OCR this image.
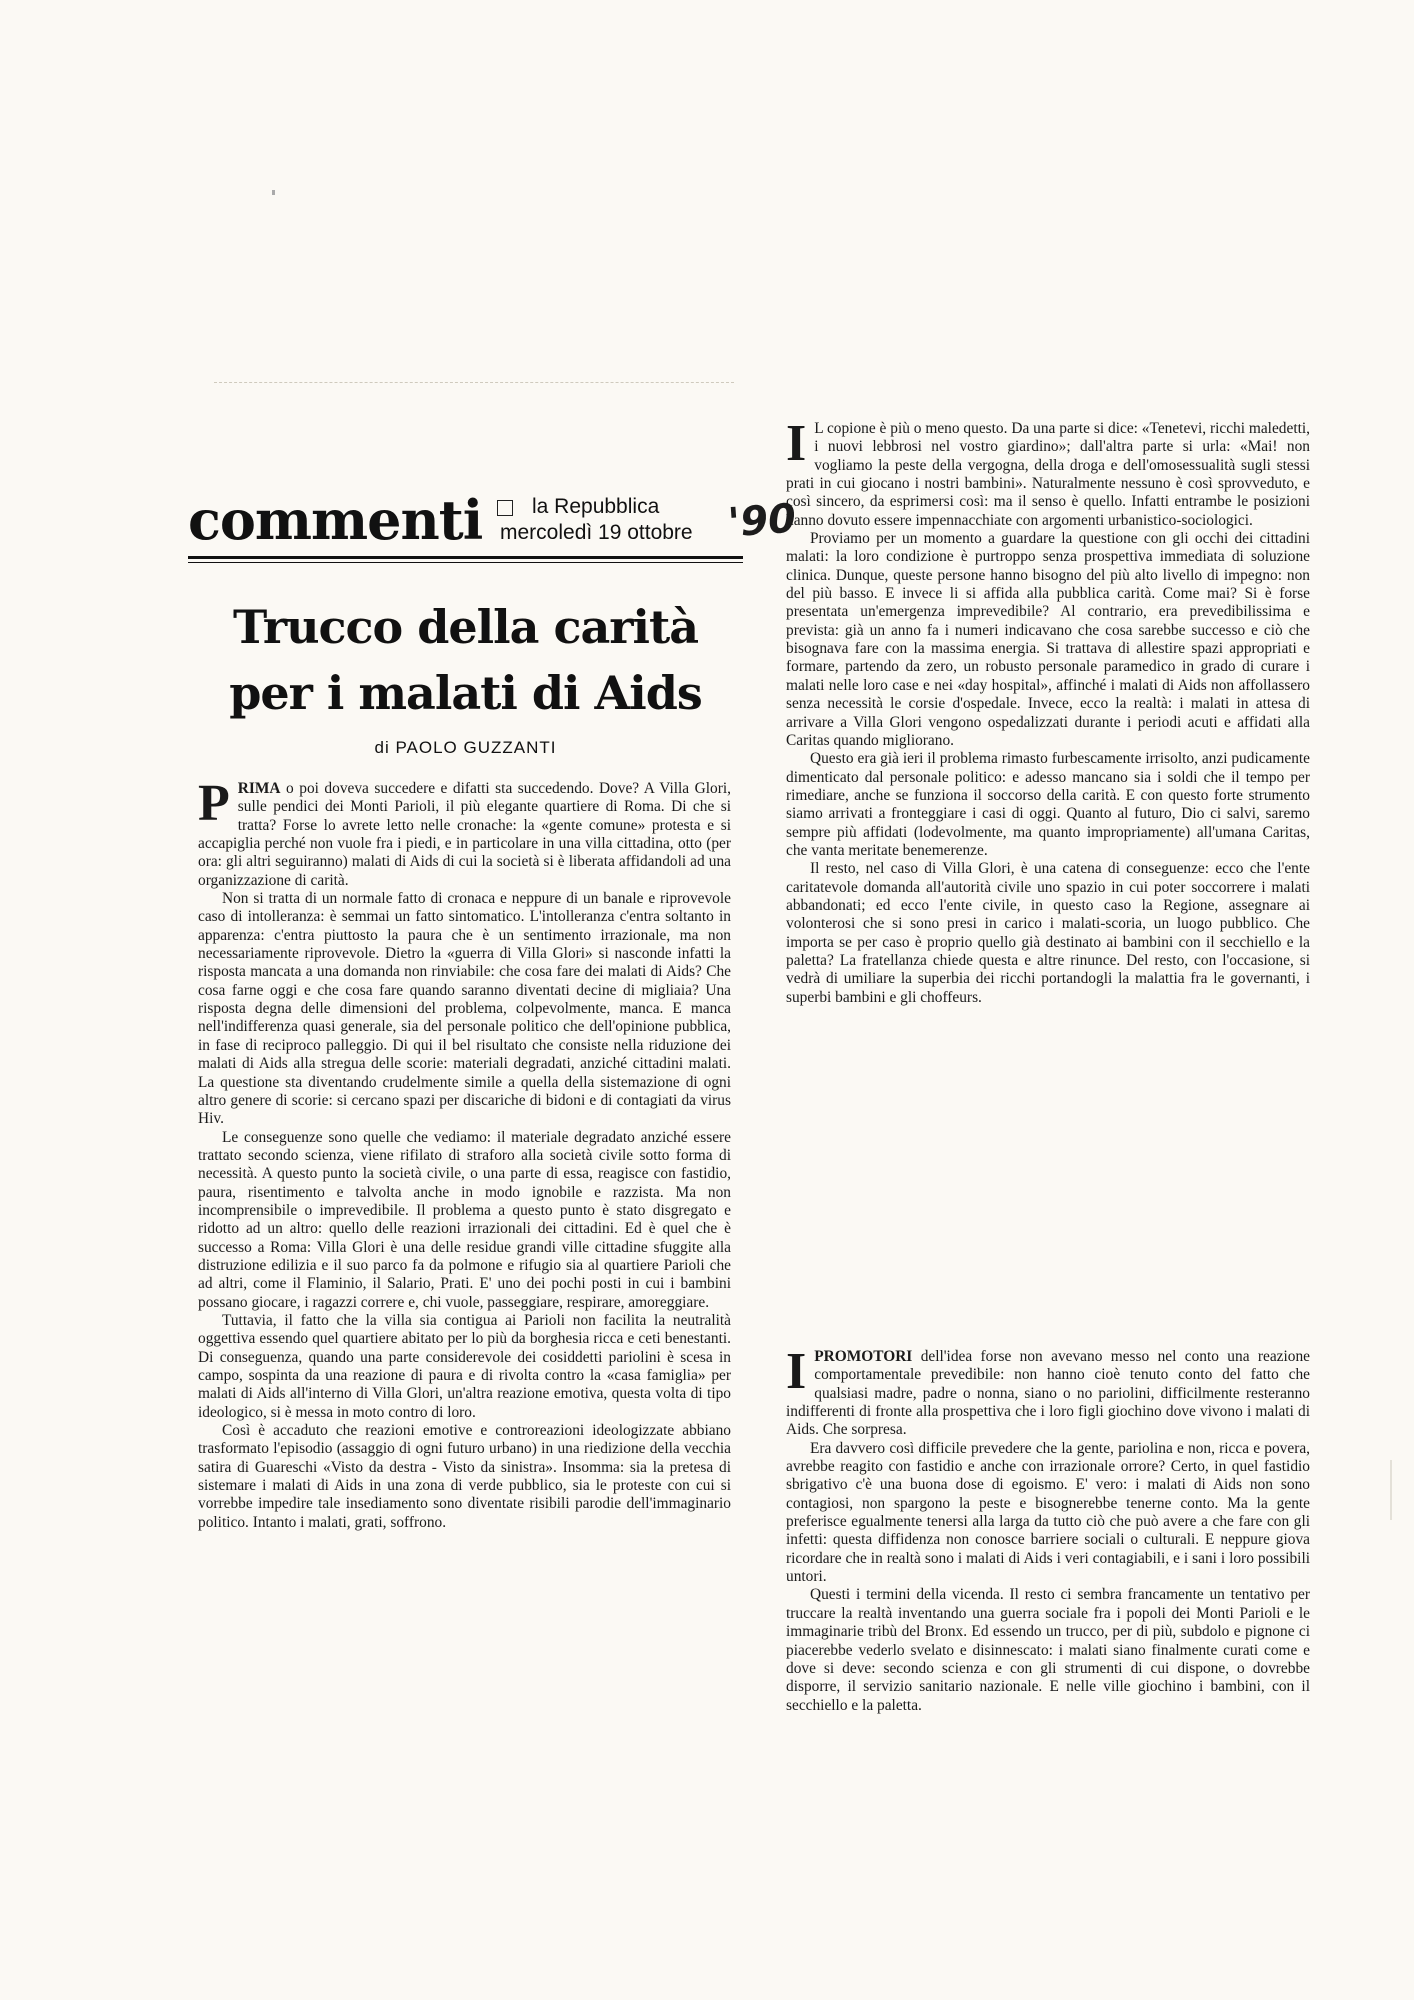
commenti la Repubblica
mercoledì 19 ottobre '90
Trucco della carità per i malati di Aids
di PAOLO GUZZANTI

PRIMA o poi doveva succedere e difatti sta succedendo. Dove? A Villa Glori, sulle pendici dei Monti Parioli, il più elegante quartiere di Roma. Di che si tratta? Forse lo avrete letto nelle cronache: la «gente comune» protesta e si accapiglia perché non vuole fra i piedi, e in particolare in una villa cittadina, otto (per ora: gli altri seguiranno) malati di Aids di cui la società si è liberata affidandoli ad una organizzazione di carità.

Non si tratta di un normale fatto di cronaca e neppure di un banale e riprovevole caso di intolleranza: è semmai un fatto sintomatico. L'intolleranza c'entra soltanto in apparenza: c'entra piuttosto la paura che è un sentimento irrazionale, ma non necessariamente riprovevole. Dietro la «guerra di Villa Glori» si nasconde infatti la risposta mancata a una domanda non rinviabile: che cosa fare dei malati di Aids? Che cosa farne oggi e che cosa fare quando saranno diventati decine di migliaia? Una risposta degna delle dimensioni del problema, colpevolmente, manca. E manca nell'indifferenza quasi generale, sia del personale politico che dell'opinione pubblica, in fase di reciproco palleggio. Di qui il bel risultato che consiste nella riduzione dei malati di Aids alla stregua delle scorie: materiali degradati, anziché cittadini malati. La questione sta diventando crudelmente simile a quella della sistemazione di ogni altro genere di scorie: si cercano spazi per discariche di bidoni e di contagiati da virus Hiv.

Le conseguenze sono quelle che vediamo: il materiale degradato anziché essere trattato secondo scienza, viene rifilato di straforo alla società civile sotto forma di necessità. A questo punto la società civile, o una parte di essa, reagisce con fastidio, paura, risentimento e talvolta anche in modo ignobile e razzista. Ma non incomprensibile o imprevedibile. Il problema a questo punto è stato disgregato e ridotto ad un altro: quello delle reazioni irrazionali dei cittadini. Ed è quel che è successo a Roma: Villa Glori è una delle residue grandi ville cittadine sfuggite alla distruzione edilizia e il suo parco fa da polmone e rifugio sia al quartiere Parioli che ad altri, come il Flaminio, il Salario, Prati. E' uno dei pochi posti in cui i bambini possano giocare, i ragazzi correre e, chi vuole, passeggiare, respirare, amoreggiare.

Tuttavia, il fatto che la villa sia contigua ai Parioli non facilita la neutralità oggettiva essendo quel quartiere abitato per lo più da borghesia ricca e ceti benestanti. Di conseguenza, quando una parte considerevole dei cosiddetti pariolini è scesa in campo, sospinta da una reazione di paura e di rivolta contro la «casa famiglia» per malati di Aids all'interno di Villa Glori, un'altra reazione emotiva, questa volta di tipo ideologico, si è messa in moto contro di loro.

Così è accaduto che reazioni emotive e controreazioni ideologizzate abbiano trasformato l'episodio (assaggio di ogni futuro urbano) in una riedizione della vecchia satira di Guareschi «Visto da destra - Visto da sinistra». Insomma: sia la pretesa di sistemare i malati di Aids in una zona di verde pubblico, sia le proteste con cui si vorrebbe impedire tale insediamento sono diventate risibili parodie dell'immaginario politico. Intanto i malati, grati, soffrono.

I L copione è più o meno questo. Da una parte si dice: «Tenetevi, ricchi maledetti, i nuovi lebbrosi nel vostro giardino»; dall'altra parte si urla: «Mai! non vogliamo la peste della vergogna, della droga e dell'omosessualità sugli stessi prati in cui giocano i nostri bambini». Naturalmente nessuno è così sprovveduto, e così sincero, da esprimersi così: ma il senso è quello. Infatti entrambe le posizioni hanno dovuto essere impennacchiate con argomenti urbanistico-sociologici.

Proviamo per un momento a guardare la questione con gli occhi dei cittadini malati: la loro condizione è purtroppo senza prospettiva immediata di soluzione clinica. Dunque, queste persone hanno bisogno del più alto livello di impegno: non del più basso. E invece li si affida alla pubblica carità. Come mai? Si è forse presentata un'emergenza imprevedibile? Al contrario, era prevedibilissima e prevista: già un anno fa i numeri indicavano che cosa sarebbe successo e ciò che bisognava fare con la massima energia. Si trattava di allestire spazi appropriati e formare, partendo da zero, un robusto personale paramedico in grado di curare i malati nelle loro case e nei «day hospital», affinché i malati di Aids non affollassero senza necessità le corsie d'ospedale. Invece, ecco la realtà: i malati in attesa di arrivare a Villa Glori vengono ospedalizzati durante i periodi acuti e affidati alla Caritas quando migliorano.

Questo era già ieri il problema rimasto furbescamente irrisolto, anzi pudicamente dimenticato dal personale politico: e adesso mancano sia i soldi che il tempo per rimediare, anche se funziona il soccorso della carità. E con questo forte strumento siamo arrivati a fronteggiare i casi di oggi. Quanto al futuro, Dio ci salvi, saremo sempre più affidati (lodevolmente, ma quanto impropriamente) all'umana Caritas, che vanta meritate benemerenze.

Il resto, nel caso di Villa Glori, è una catena di conseguenze: ecco che l'ente caritatevole domanda all'autorità civile uno spazio in cui poter soccorrere i malati abbandonati; ed ecco l'ente civile, in questo caso la Regione, assegnare ai volonterosi che si sono presi in carico i malati-scoria, un luogo pubblico. Che importa se per caso è proprio quello già destinato ai bambini con il secchiello e la paletta? La fratellanza chiede questa e altre rinunce. Del resto, con l'occasione, si vedrà di umiliare la superbia dei ricchi portandogli la malattia fra le governanti, i superbi bambini e gli choffeurs.

IPROMOTORI dell'idea forse non avevano messo nel conto una reazione comportamentale prevedibile: non hanno cioè tenuto conto del fatto che qualsiasi madre, padre o nonna, siano o no pariolini, difficilmente resteranno indifferenti di fronte alla prospettiva che i loro figli giochino dove vivono i malati di Aids. Che sorpresa.

Era davvero così difficile prevedere che la gente, pariolina e non, ricca e povera, avrebbe reagito con fastidio e anche con irrazionale orrore? Certo, in quel fastidio sbrigativo c'è una buona dose di egoismo. E' vero: i malati di Aids non sono contagiosi, non spargono la peste e bisognerebbe tenerne conto. Ma la gente preferisce egualmente tenersi alla larga da tutto ciò che può avere a che fare con gli infetti: questa diffidenza non conosce barriere sociali o culturali. E neppure giova ricordare che in realtà sono i malati di Aids i veri contagiabili, e i sani i loro possibili untori.

Questi i termini della vicenda. Il resto ci sembra francamente un tentativo per truccare la realtà inventando una guerra sociale fra i popoli dei Monti Parioli e le immaginarie tribù del Bronx. Ed essendo un trucco, per di più, subdolo e pignone ci piacerebbe vederlo svelato e disinnescato: i malati siano finalmente curati come e dove si deve: secondo scienza e con gli strumenti di cui dispone, o dovrebbe disporre, il servizio sanitario nazionale. E nelle ville giochino i bambini, con il secchiello e la paletta.
